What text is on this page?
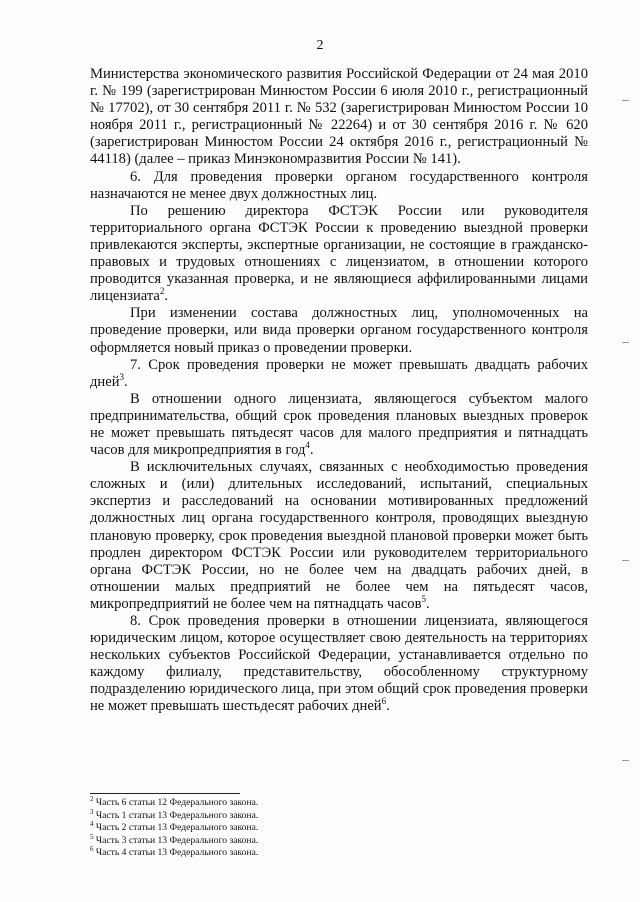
2

Министерства экономического развития Российской Федерации от 24 мая 2010 г. № 199 (зарегистрирован Минюстом России 6 июля 2010 г., регистрационный № 17702), от 30 сентября 2011 г. № 532 (зарегистрирован Минюстом России 10 ноября 2011 г., регистрационный № 22264) и от 30 сентября 2016 г. № 620 (зарегистрирован Минюстом России 24 октября 2016 г., регистрационный № 44118) (далее – приказ Минэкономразвития России № 141).

6. Для проведения проверки органом государственного контроля назначаются не менее двух должностных лиц.

По решению директора ФСТЭК России или руководителя территориального органа ФСТЭК России к проведению выездной проверки привлекаются эксперты, экспертные организации, не состоящие в гражданско-правовых и трудовых отношениях с лицензиатом, в отношении которого проводится указанная проверка, и не являющиеся аффилированными лицами лицензиата$^2$.

При изменении состава должностных лиц, уполномоченных на проведение проверки, или вида проверки органом государственного контроля оформляется новый приказ о проведении проверки.

7. Срок проведения проверки не может превышать двадцать рабочих дней$^3$.

В отношении одного лицензиата, являющегося субъектом малого предпринимательства, общий срок проведения плановых выездных проверок не может превышать пятьдесят часов для малого предприятия и пятнадцать часов для микропредприятия в год$^4$.

В исключительных случаях, связанных с необходимостью проведения сложных и (или) длительных исследований, испытаний, специальных экспертиз и расследований на основании мотивированных предложений должностных лиц органа государственного контроля, проводящих выездную плановую проверку, срок проведения выездной плановой проверки может быть продлен директором ФСТЭК России или руководителем территориального органа ФСТЭК России, но не более чем на двадцать рабочих дней, в отношении малых предприятий не более чем на пятьдесят часов, микропредприятий не более чем на пятнадцать часов$^5$.

8. Срок проведения проверки в отношении лицензиата, являющегося юридическим лицом, которое осуществляет свою деятельность на территориях нескольких субъектов Российской Федерации, устанавливается отдельно по каждому филиалу, представительству, обособленному структурному подразделению юридического лица, при этом общий срок проведения проверки не может превышать шестьдесят рабочих дней$^6$.

$^2$ Часть 6 статьи 12 Федерального закона.
$^3$ Часть 1 статьи 13 Федерального закона.
$^4$ Часть 2 статьи 13 Федерального закона.
$^5$ Часть 3 статьи 13 Федерального закона.
$^6$ Часть 4 статьи 13 Федерального закона.
